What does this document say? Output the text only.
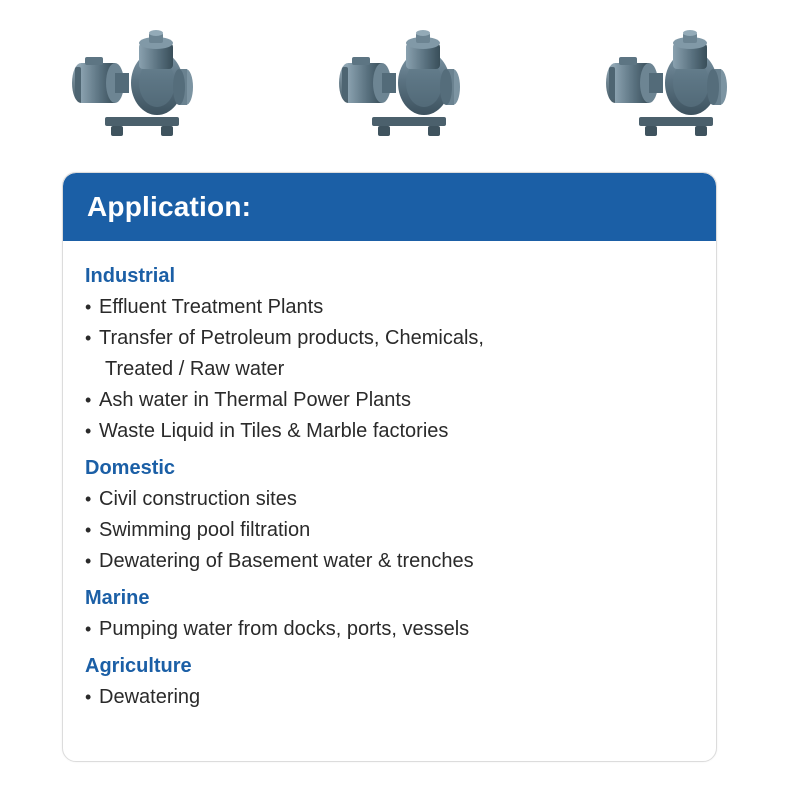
Application:
Industrial
• Effluent Treatment Plants
• Transfer of Petroleum products, Chemicals,
Treated / Raw water
• Ash water in Thermal Power Plants
• Waste Liquid in Tiles & Marble factories
Domestic
• Civil construction sites
• Swimming pool filtration
• Dewatering of Basement water & trenches
Marine
• Pumping water from docks, ports, vessels
Agriculture
• Dewatering
